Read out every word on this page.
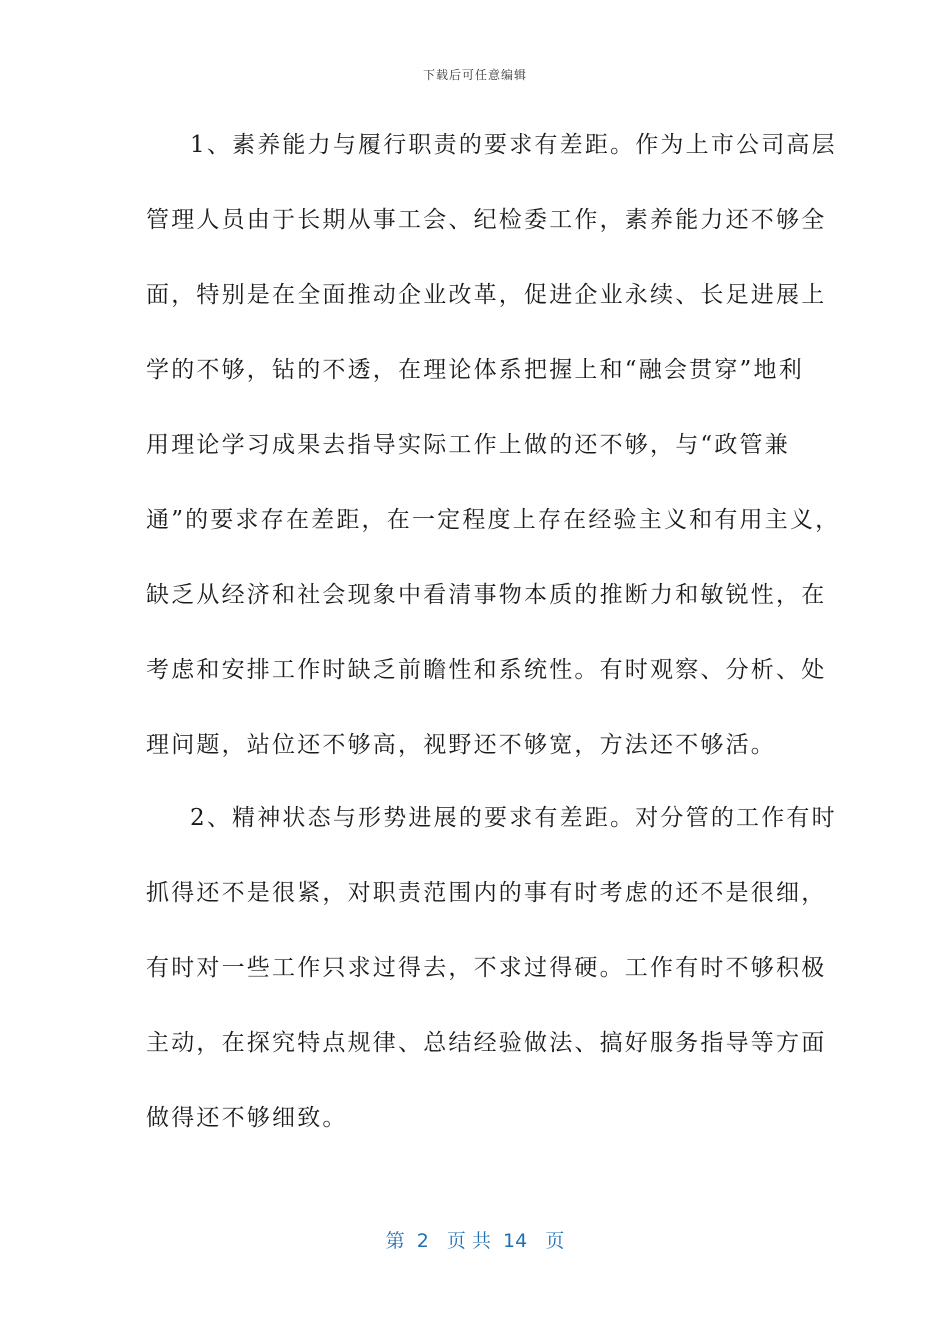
下载后可任意编辑
1、素养能力与履行职责的要求有差距。作为上市公司高层
管理人员由于长期从事工会、纪检委工作，素养能力还不够全
面，特别是在全面推动企业改革，促进企业永续、长足进展上
学的不够，钻的不透，在理论体系把握上和“融会贯穿”地利
用理论学习成果去指导实际工作上做的还不够，与“政管兼
通”的要求存在差距，在一定程度上存在经验主义和有用主义，
缺乏从经济和社会现象中看清事物本质的推断力和敏锐性，在
考虑和安排工作时缺乏前瞻性和系统性。有时观察、分析、处
理问题，站位还不够高，视野还不够宽，方法还不够活。
2、精神状态与形势进展的要求有差距。对分管的工作有时
抓得还不是很紧，对职责范围内的事有时考虑的还不是很细，
有时对一些工作只求过得去，不求过得硬。工作有时不够积极
主动，在探究特点规律、总结经验做法、搞好服务指导等方面
做得还不够细致。
第  2   页 共  14   页
